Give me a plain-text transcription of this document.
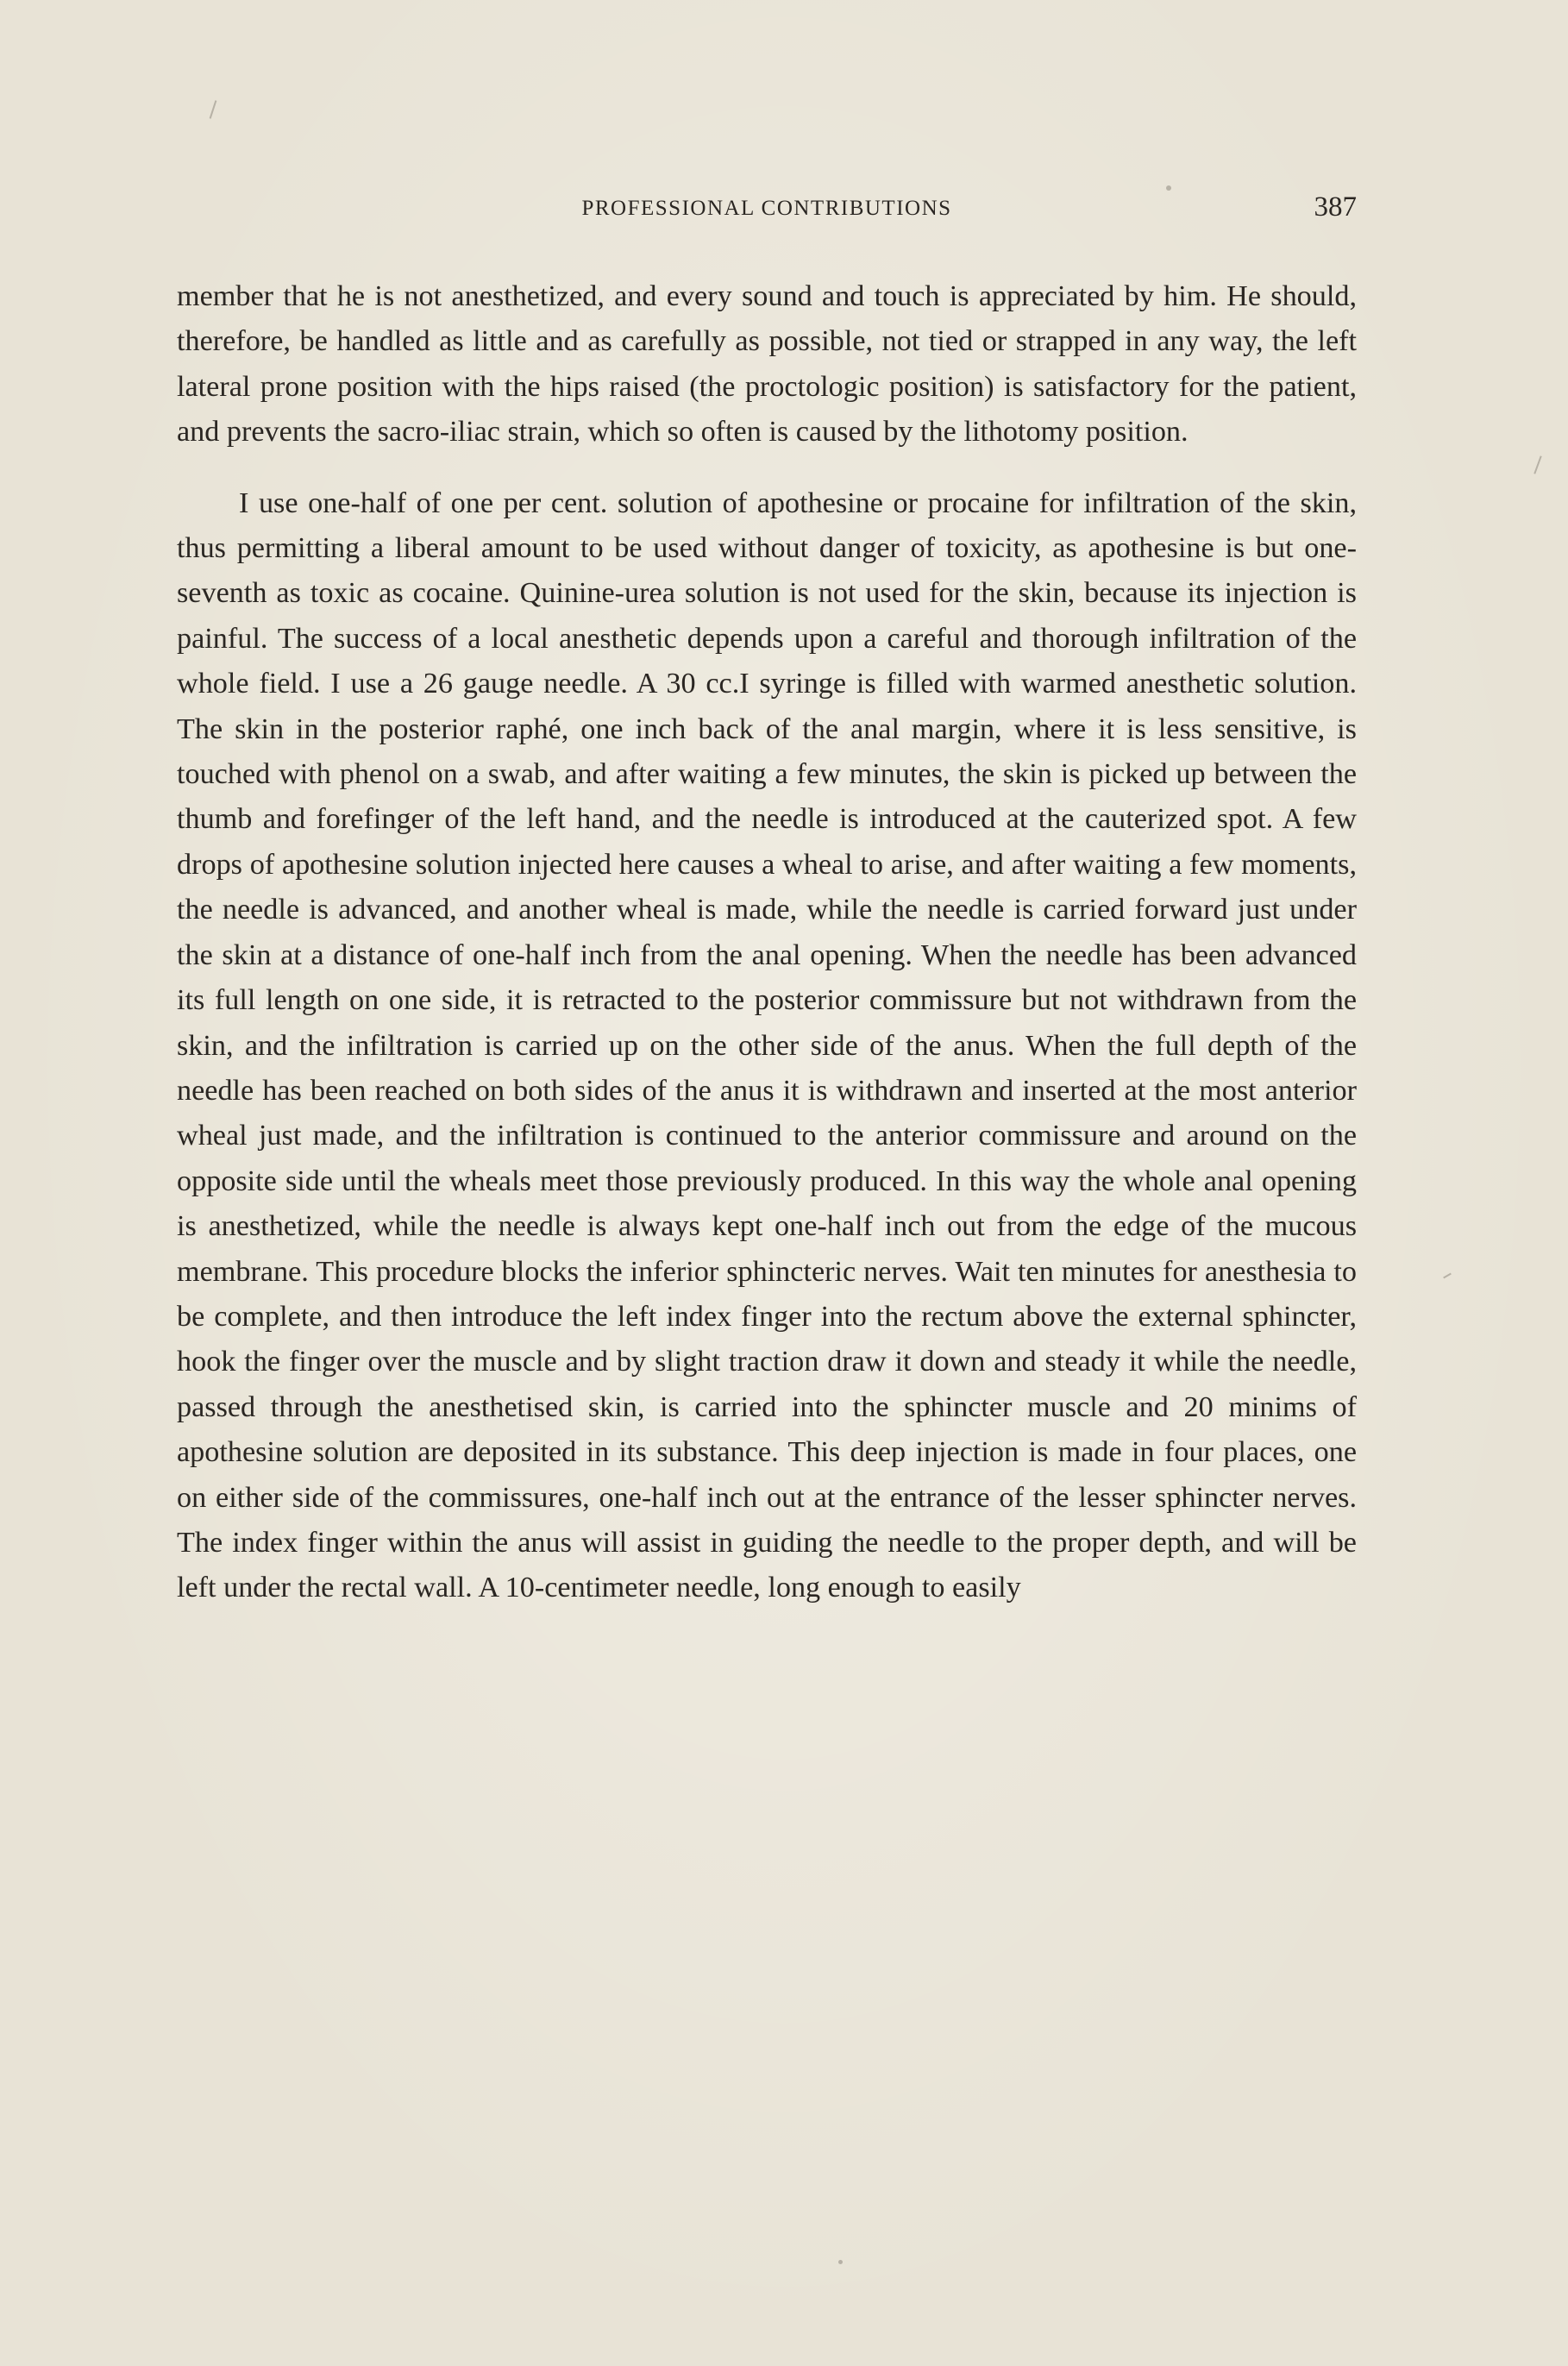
PROFESSIONAL CONTRIBUTIONS	387

member that he is not anesthetized, and every sound and touch is appreciated by him. He should, therefore, be handled as little and as carefully as possible, not tied or strapped in any way, the left lateral prone position with the hips raised (the proctologic position) is satisfactory for the patient, and prevents the sacro-iliac strain, which so often is caused by the lithotomy position.

I use one-half of one per cent. solution of apothesine or procaine for infiltration of the skin, thus permitting a liberal amount to be used without danger of toxicity, as apothesine is but one-seventh as toxic as cocaine. Quinine-urea solution is not used for the skin, because its injection is painful. The success of a local anesthetic depends upon a careful and thorough infiltration of the whole field. I use a 26 gauge needle. A 30 cc.I syringe is filled with warmed anesthetic solution. The skin in the posterior raphé, one inch back of the anal margin, where it is less sensitive, is touched with phenol on a swab, and after waiting a few minutes, the skin is picked up between the thumb and forefinger of the left hand, and the needle is introduced at the cauterized spot. A few drops of apothesine solution injected here causes a wheal to arise, and after waiting a few moments, the needle is advanced, and another wheal is made, while the needle is carried forward just under the skin at a distance of one-half inch from the anal opening. When the needle has been advanced its full length on one side, it is retracted to the posterior commissure but not withdrawn from the skin, and the infiltration is carried up on the other side of the anus. When the full depth of the needle has been reached on both sides of the anus it is withdrawn and inserted at the most anterior wheal just made, and the infiltration is continued to the anterior commissure and around on the opposite side until the wheals meet those previously produced. In this way the whole anal opening is anesthetized, while the needle is always kept one-half inch out from the edge of the mucous membrane. This procedure blocks the inferior sphincteric nerves. Wait ten minutes for anesthesia to be complete, and then introduce the left index finger into the rectum above the external sphincter, hook the finger over the muscle and by slight traction draw it down and steady it while the needle, passed through the anesthetised skin, is carried into the sphincter muscle and 20 minims of apothesine solution are deposited in its substance. This deep injection is made in four places, one on either side of the commissures, one-half inch out at the entrance of the lesser sphincter nerves. The index finger within the anus will assist in guiding the needle to the proper depth, and will be left under the rectal wall. A 10-centimeter needle, long enough to easily
